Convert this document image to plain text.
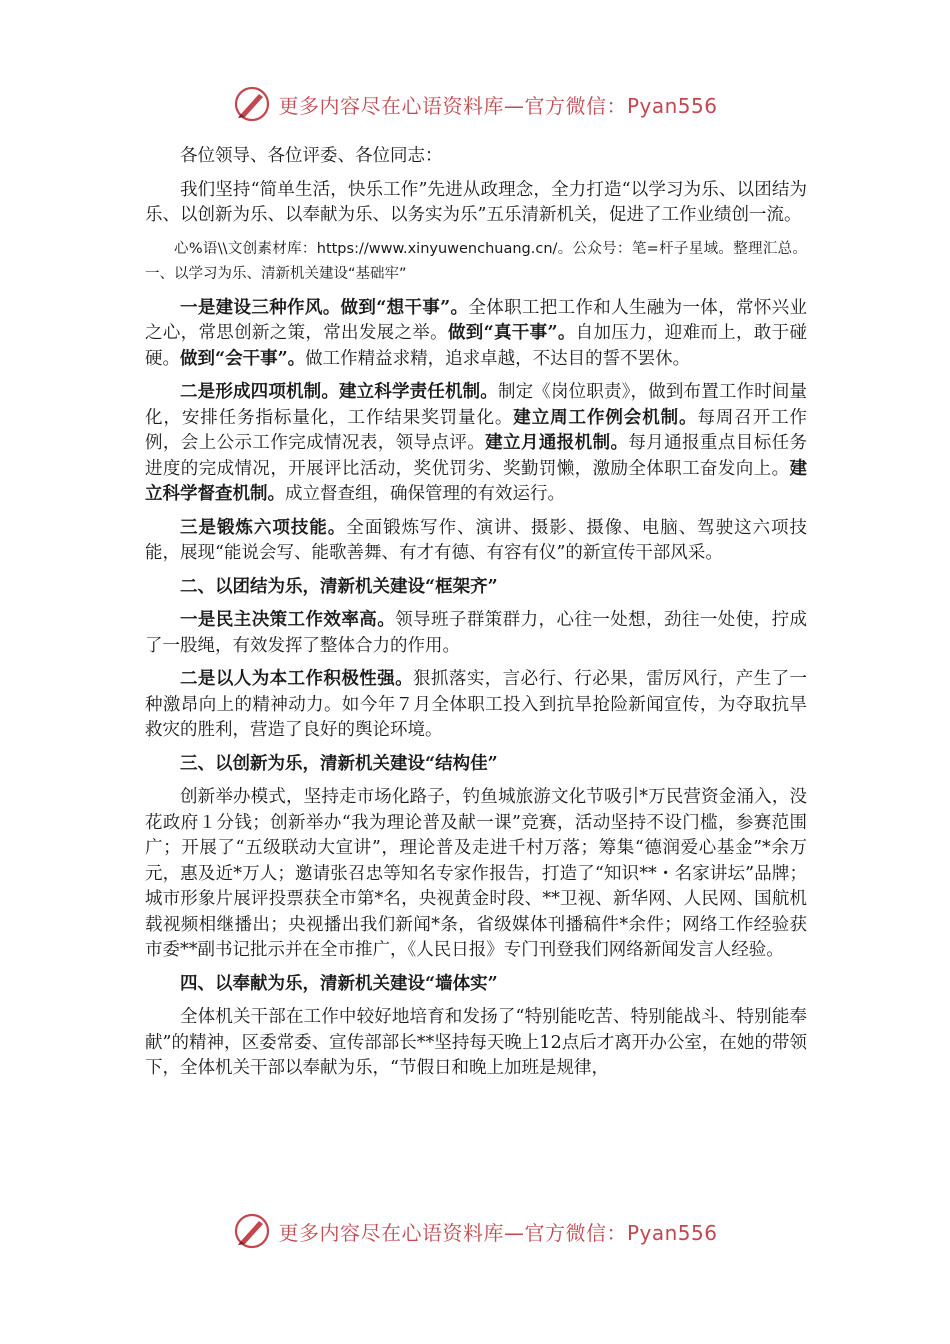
更多内容尽在心语资料库—官方微信：Pyan556

各位领导、各位评委、各位同志：

我们坚持“简单生活，快乐工作”先进从政理念，全力打造“以学习为乐、以团结为乐、以创新为乐、以奉献为乐、以务实为乐”五乐清新机关，促进了工作业绩创一流。

心%语\\文创素材库：https://www.xinyuwenchuang.cn/。公众号：笔=杆子星域。整理汇总。一、以学习为乐、清新机关建设“基础牢”

一是建设三种作风。做到“想干事”。全体职工把工作和人生融为一体，常怀兴业之心，常思创新之策，常出发展之举。做到“真干事”。自加压力，迎难而上，敢于碰硬。做到“会干事”。做工作精益求精，追求卓越，不达目的誓不罢休。

二是形成四项机制。建立科学责任机制。制定《岗位职责》，做到布置工作时间量化，安排任务指标量化，工作结果奖罚量化。建立周工作例会机制。每周召开工作例，会上公示工作完成情况表，领导点评。建立月通报机制。每月通报重点目标任务进度的完成情况，开展评比活动，奖优罚劣、奖勤罚懒，激励全体职工奋发向上。建立科学督查机制。成立督查组，确保管理的有效运行。

三是锻炼六项技能。全面锻炼写作、演讲、摄影、摄像、电脑、驾驶这六项技能，展现“能说会写、能歌善舞、有才有德、有容有仪”的新宣传干部风采。

二、以团结为乐，清新机关建设“框架齐”

一是民主决策工作效率高。领导班子群策群力，心往一处想，劲往一处使，拧成了一股绳，有效发挥了整体合力的作用。

二是以人为本工作积极性强。狠抓落实，言必行、行必果，雷厉风行，产生了一种激昂向上的精神动力。如今年７月全体职工投入到抗旱抢险新闻宣传，为夺取抗旱救灾的胜利，营造了良好的舆论环境。

三、以创新为乐，清新机关建设“结构佳”

创新举办模式，坚持走市场化路子，钓鱼城旅游文化节吸引*万民营资金涌入，没花政府１分钱；创新举办“我为理论普及献一课”竞赛，活动坚持不设门槛，参赛范围广；开展了“五级联动大宣讲”，理论普及走进千村万落；筹集“德润爱心基金”*余万元，惠及近*万人；邀请张召忠等知名专家作报告，打造了“知识**・名家讲坛”品牌；城市形象片展评投票获全市第*名，央视黄金时段、**卫视、新华网、人民网、国航机载视频相继播出；央视播出我们新闻*条，省级媒体刊播稿件*余件；网络工作经验获市委**副书记批示并在全市推广，《人民日报》专门刊登我们网络新闻发言人经验。

四、以奉献为乐，清新机关建设“墙体实”

全体机关干部在工作中较好地培育和发扬了“特别能吃苦、特别能战斗、特别能奉献”的精神，区委常委、宣传部部长**坚持每天晚上12点后才离开办公室，在她的带领下，全体机关干部以奉献为乐，“节假日和晚上加班是规律，

更多内容尽在心语资料库—官方微信：Pyan556
